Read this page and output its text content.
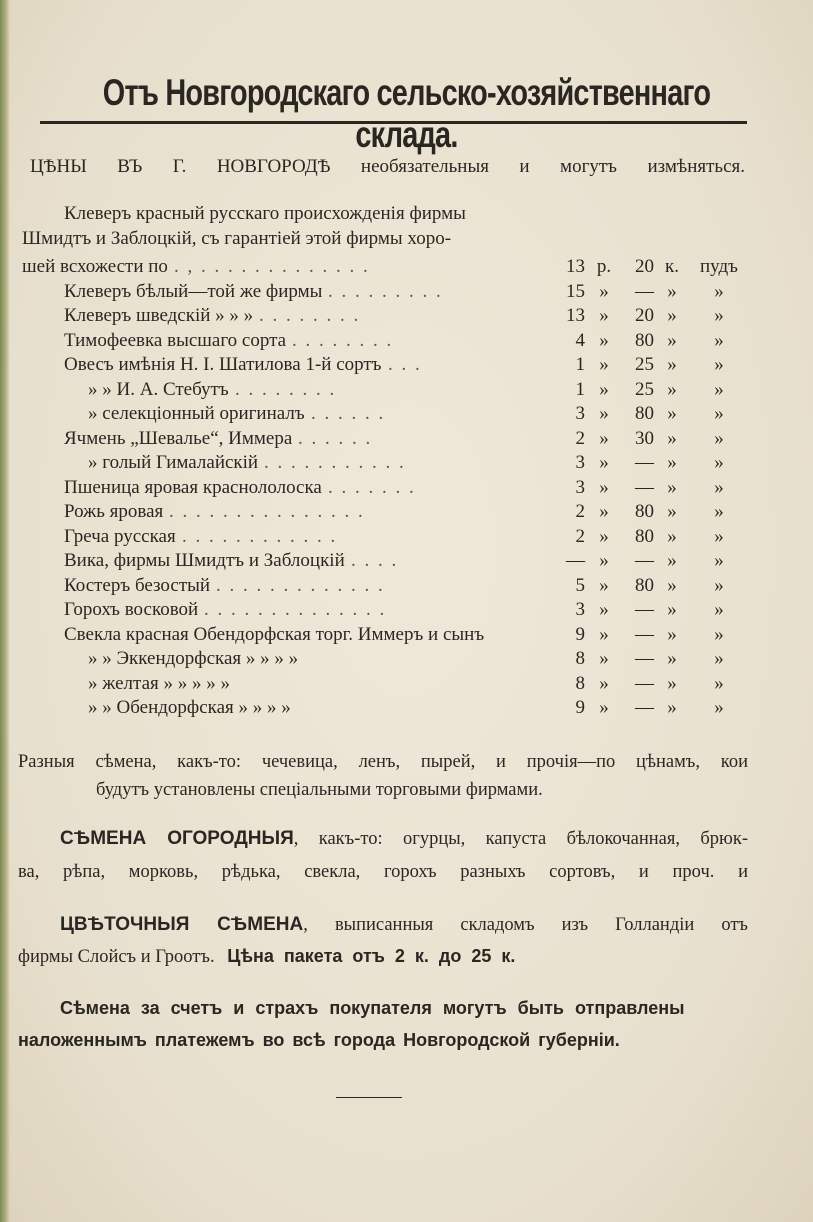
Отъ Новгородскаго сельско-хозяйственнаго склада.
ЦѢНЫ ВЪ Г. НОВГОРОДѢ необязательныя и могутъ измѣняться.
Клеверъ красный русскаго происхожденія фирмы
Шмидтъ и Заблоцкій, съ гарантіей этой фирмы хоро-
шей всхожести по . , . . . . . . . . . . . . .	13 р.	20 к.	пудъ
Клеверъ бѣлый—той же фирмы . . . . . . . . .	15 »	— »	»
Клеверъ шведскій » » » . . . . . . . .	13 »	20 »	»
Тимофеевка высшаго сорта . . . . . . . .	4 »	80 »	»
Овесъ имѣнія Н. І. Шатилова 1-й сортъ . . .	1 »	25 »	»
» » И. А. Стебутъ . . . . . . . .	1 »	25 »	»
» селекціонный оригиналъ . . . . . .	3 »	80 »	»
Ячмень „Шевалье“, Иммера . . . . . .	2 »	30 »	»
» голый Гималайскій . . . . . . . . . . .	3 »	— »	»
Пшеница яровая краснололоска . . . . . . .	3 »	— »	»
Рожь яровая . . . . . . . . . . . . . . .	2 »	80 »	»
Греча русская . . . . . . . . . . . .	2 »	80 »	»
Вика, фирмы Шмидтъ и Заблоцкій . . . .	— »	— »	»
Костеръ безостый . . . . . . . . . . . . .	5 »	80 »	»
Горохъ восковой . . . . . . . . . . . . . .	3 »	— »	»
Свекла красная Обендорфская торг. Иммеръ и сынъ	9 »	— »	»
» » Эккендорфская » » » »	8 »	— »	»
» желтая » » » » »	8 »	— »	»
» » Обендорфская » » » »	9 »	— »	»
Разныя сѣмена, какъ-то: чечевица, ленъ, пырей, и прочія—по цѣнамъ, кои
будутъ установлены спеціальными торговыми фирмами.
СѢМЕНА ОГОРОДНЫЯ, какъ-то: огурцы, капуста бѣлокочанная, брюк-
ва, рѣпа, морковь, рѣдька, свекла, горохъ разныхъ сортовъ, и проч. и
ЦВѢТОЧНЫЯ СѢМЕНА, выписанныя складомъ изъ Голландіи отъ
фирмы Слойсъ и Гроотъ. Цѣна пакета отъ 2 к. до 25 к.
Сѣмена за счетъ и страхъ покупателя могутъ быть отправлены
наложеннымъ платежемъ во всѣ города Новгородской губерніи.
